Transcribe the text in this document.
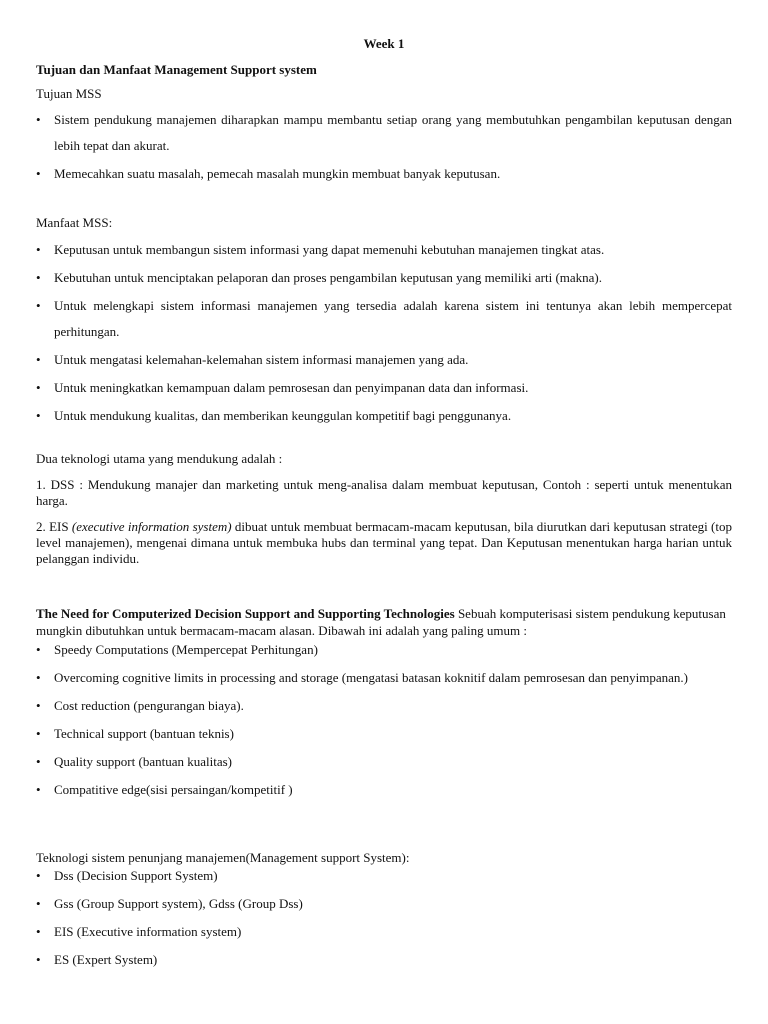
Week 1
Tujuan dan Manfaat Management Support system
Tujuan MSS
•	Sistem pendukung manajemen diharapkan mampu membantu setiap orang yang membutuhkan pengambilan keputusan dengan lebih tepat dan akurat.
•	Memecahkan suatu masalah, pemecah masalah mungkin membuat banyak keputusan.
Manfaat MSS:
•	Keputusan untuk membangun sistem informasi yang dapat memenuhi kebutuhan manajemen tingkat atas.
•	Kebutuhan untuk menciptakan pelaporan dan proses pengambilan keputusan yang memiliki arti (makna).
•	Untuk melengkapi sistem informasi manajemen yang tersedia adalah karena sistem ini tentunya akan lebih mempercepat perhitungan.
•	Untuk mengatasi kelemahan-kelemahan sistem informasi manajemen yang ada.
•	Untuk meningkatkan kemampuan dalam pemrosesan dan penyimpanan data dan informasi.
•	Untuk mendukung kualitas, dan memberikan keunggulan kompetitif bagi penggunanya.
Dua teknologi utama yang mendukung adalah :
1. DSS : Mendukung manajer dan marketing untuk meng-analisa dalam membuat keputusan, Contoh : seperti untuk menentukan harga.
2. EIS (executive information system) dibuat untuk membuat bermacam-macam keputusan, bila diurutkan dari keputusan strategi (top level manajemen), mengenai dimana untuk membuka hubs dan terminal yang tepat. Dan Keputusan menentukan harga harian untuk pelanggan individu.
The Need for Computerized Decision Support and Supporting Technologies Sebuah komputerisasi sistem pendukung keputusan mungkin dibutuhkan untuk bermacam-macam alasan. Dibawah ini adalah yang paling umum :
•	Speedy Computations (Mempercepat Perhitungan)
•	Overcoming cognitive limits in processing and storage (mengatasi batasan koknitif dalam pemrosesan dan penyimpanan.)
•	Cost reduction (pengurangan biaya).
•	Technical support (bantuan teknis)
•	Quality support (bantuan kualitas)
•	Compatitive edge(sisi persaingan/kompetitif )
Teknologi sistem penunjang manajemen(Management support System):
•	Dss (Decision Support System)
•	Gss (Group Support system), Gdss (Group Dss)
•	EIS (Executive information system)
•	ES (Expert System)
